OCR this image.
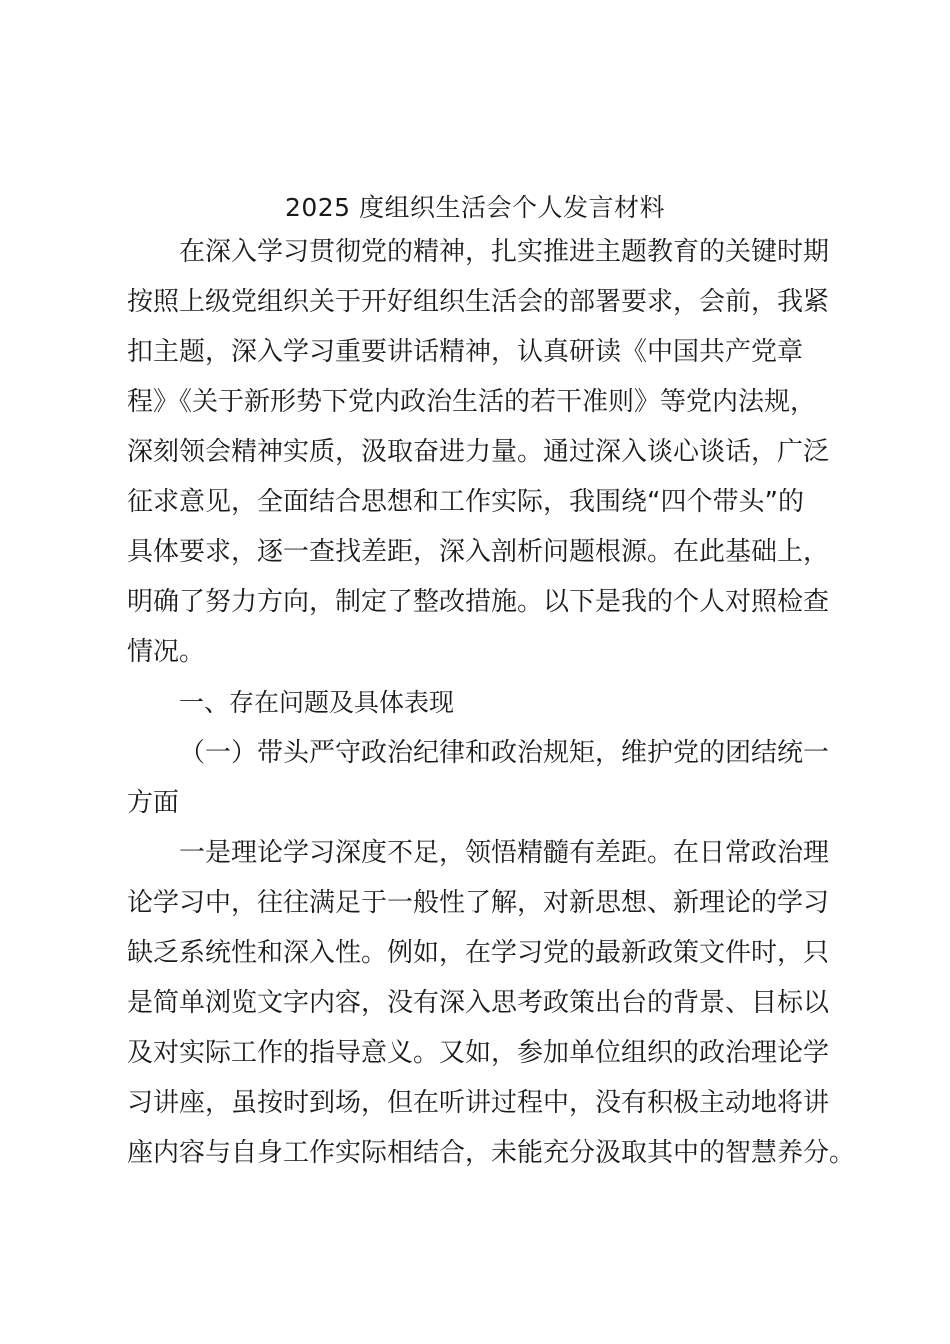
2025 度组织生活会个人发言材料
在深入学习贯彻党的精神，扎实推进主题教育的关键时期
按照上级党组织关于开好组织生活会的部署要求，会前，我紧
扣主题，深入学习重要讲话精神，认真研读《中国共产党章
程》《关于新形势下党内政治生活的若干准则》等党内法规，
深刻领会精神实质，汲取奋进力量。通过深入谈心谈话，广泛
征求意见，全面结合思想和工作实际，我围绕“四个带头”的
具体要求，逐一查找差距，深入剖析问题根源。在此基础上，
明确了努力方向，制定了整改措施。以下是我的个人对照检查
情况。
一、存在问题及具体表现
（一）带头严守政治纪律和政治规矩，维护党的团结统一
方面
一是理论学习深度不足，领悟精髓有差距。在日常政治理
论学习中，往往满足于一般性了解，对新思想、新理论的学习
缺乏系统性和深入性。例如，在学习党的最新政策文件时，只
是简单浏览文字内容，没有深入思考政策出台的背景、目标以
及对实际工作的指导意义。又如，参加单位组织的政治理论学
习讲座，虽按时到场，但在听讲过程中，没有积极主动地将讲
座内容与自身工作实际相结合，未能充分汲取其中的智慧养分。
